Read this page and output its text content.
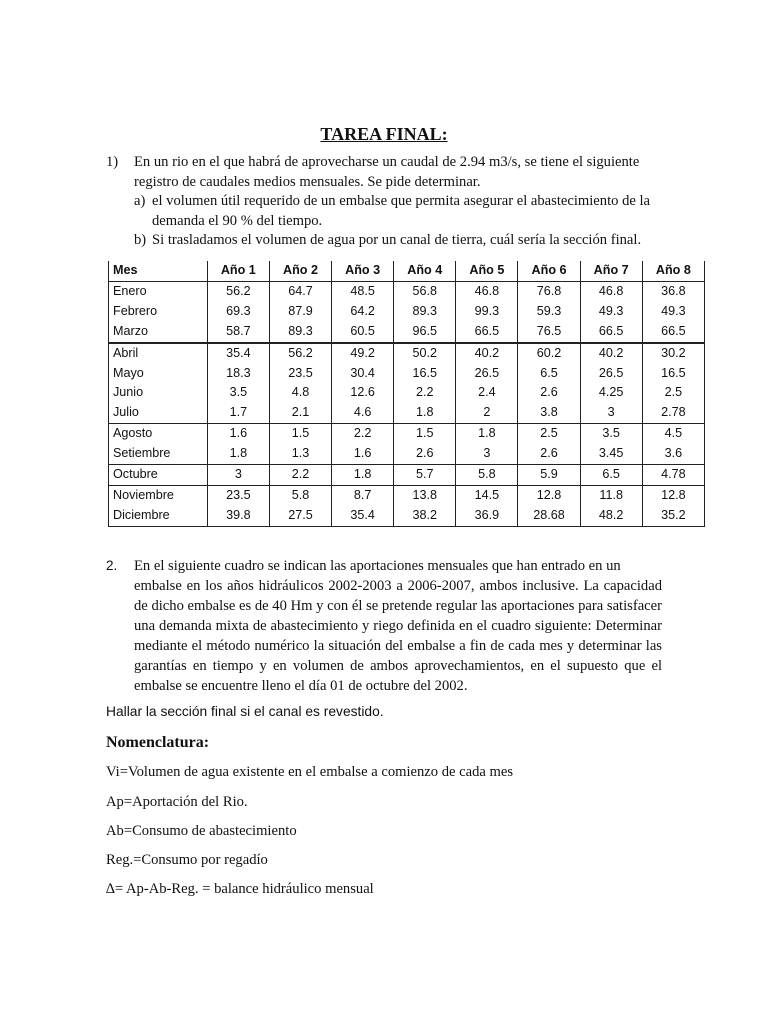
TAREA FINAL:
1)	En un rio en el que habrá de aprovecharse un caudal de 2.94 m3/s, se tiene el siguiente
registro de caudales medios mensuales. Se pide determinar.
a) el volumen útil requerido de un embalse que permita asegurar el abastecimiento de la
demanda el 90 % del tiempo.
b) Si trasladamos el volumen de agua por un canal de tierra, cuál sería la sección final.
Mes	Año 1	Año 2	Año 3	Año 4	Año 5	Año 6	Año 7	Año 8
Enero	56.2	64.7	48.5	56.8	46.8	76.8	46.8	36.8
Febrero	69.3	87.9	64.2	89.3	99.3	59.3	49.3	49.3
Marzo	58.7	89.3	60.5	96.5	66.5	76.5	66.5	66.5
Abril	35.4	56.2	49.2	50.2	40.2	60.2	40.2	30.2
Mayo	18.3	23.5	30.4	16.5	26.5	6.5	26.5	16.5
Junio	3.5	4.8	12.6	2.2	2.4	2.6	4.25	2.5
Julio	1.7	2.1	4.6	1.8	2	3.8	3	2.78
Agosto	1.6	1.5	2.2	1.5	1.8	2.5	3.5	4.5
Setiembre	1.8	1.3	1.6	2.6	3	2.6	3.45	3.6
Octubre	3	2.2	1.8	5.7	5.8	5.9	6.5	4.78
Noviembre	23.5	5.8	8.7	13.8	14.5	12.8	11.8	12.8
Diciembre	39.8	27.5	35.4	38.2	36.9	28.68	48.2	35.2
2.	En el siguiente cuadro se indican las aportaciones mensuales que han entrado en un
embalse en los años hidráulicos 2002-2003 a 2006-2007, ambos inclusive. La capacidad de dicho embalse es de 40 Hm y con él se pretende regular las aportaciones para satisfacer una demanda mixta de abastecimiento y riego definida en el cuadro siguiente: Determinar mediante el método numérico la situación del embalse a fin de cada mes y determinar las garantías en tiempo y en volumen de ambos aprovechamientos, en el supuesto que el embalse se encuentre lleno el día 01 de octubre del 2002.
Hallar la sección final si el canal es revestido.
Nomenclatura:
Vi=Volumen de agua existente en el embalse a comienzo de cada mes
Ap=Aportación del Rio.
Ab=Consumo de abastecimiento
Reg.=Consumo por regadío
∆= Ap-Ab-Reg. = balance hidráulico mensual
